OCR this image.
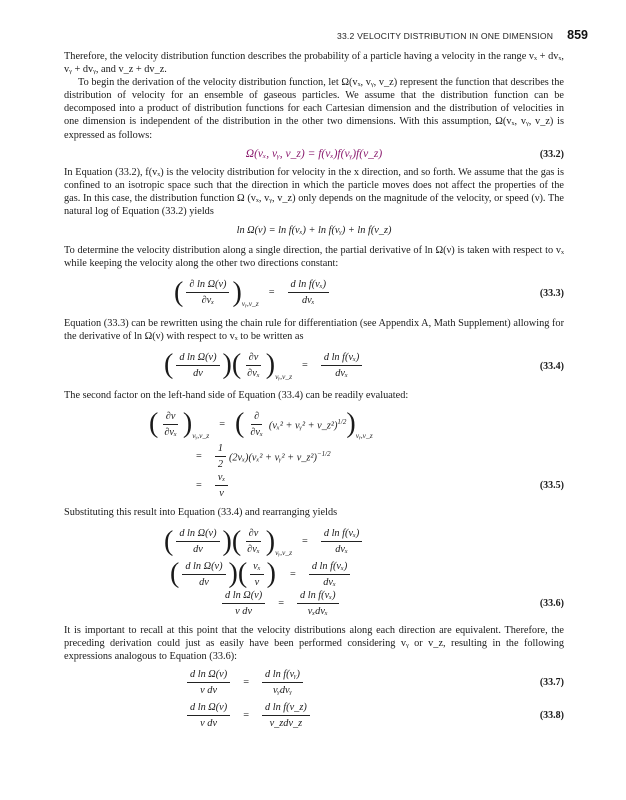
33.2 VELOCITY DISTRIBUTION IN ONE DIMENSION 859

Therefore, the velocity distribution function describes the probability of a particle having a velocity in the range vₓ + dvₓ, vᵧ + dvᵧ, and v_z + dv_z.

To begin the derivation of the velocity distribution function, let Ω(vₓ, vᵧ, v_z) represent the function that describes the distribution of velocity for an ensemble of gaseous particles. We assume that the distribution function can be decomposed into a product of distribution functions for each Cartesian dimension and the distribution of velocities in one dimension is independent of the distribution in the other two dimensions. With this assumption, Ω(vₓ, vᵧ, v_z) is expressed as follows:

Ω(vₓ, vᵧ, v_z) = f(vₓ)f(vᵧ)f(v_z)	(33.2)

In Equation (33.2), f(vₓ) is the velocity distribution for velocity in the x direction, and so forth. We assume that the gas is confined to an isotropic space such that the direction in which the particle moves does not affect the properties of the gas. In this case, the distribution function Ω (vₓ, vᵧ, v_z) only depends on the magnitude of the velocity, or speed (ν). The natural log of Equation (33.2) yields

ln Ω(ν) = ln f(vₓ) + ln f(vᵧ) + ln f(v_z)

To determine the velocity distribution along a single direction, the partial derivative of ln Ω(ν) is taken with respect to vₓ while keeping the velocity along the other two directions constant:

( $\frac{\text{∂ ln Ω(ν)}}{\text{∂vₓ}}$ ) vᵧ,v_z
= $\frac{\text{d ln f(vₓ)}}{\text{dvₓ}}$	(33.3)

Equation (33.3) can be rewritten using the chain rule for differentiation (see Appendix A, Math Supplement) allowing for the derivative of ln Ω(ν) with respect to vₓ to be written as

( $\frac{\text{d ln Ω(ν)}}{d\nu}$ )( $\frac{\partial\nu}{\text{∂vₓ}}$ ) vᵧ,v_z
= $\frac{\text{d ln f(vₓ)}}{\text{dvₓ}}$	(33.4)

The second factor on the left-hand side of Equation (33.4) can be readily evaluated:

( $\frac{\partial\nu}{\text{∂vₓ}}$ ) vᵧ,v_z
= ( $\frac{\partial}{\text{∂vₓ}} (v_x^2$ + vᵧ² + v_z²)$^{1/2}$ ) vᵧ,v_z
= $\frac{1}{2} (2v_x)(v_x^2$ + vᵧ² + v_z²)$^{-1/2}$
= $\frac{\text{vₓ}}{\nu}$	(33.5)

Substituting this result into Equation (33.4) and rearranging yields

( $\frac{\text{d ln Ω(ν)}}{d\nu}$ )( $\frac{\partial\nu}{\text{∂vₓ}}$ ) vᵧ,v_z
= $\frac{\text{d ln f(vₓ)}}{\text{dvₓ}}$
( $\frac{\text{d ln Ω(ν)}}{d\nu}$ )( $\frac{\text{vₓ}}{\nu}$ ) = $\frac{\text{d ln f(vₓ)}}{\text{dvₓ}}$
$\frac{\text{d ln Ω(ν)}}{\text{ν dν}} = \frac{\text{d ln f(vₓ)}}{\text{vₓdvₓ}}$	(33.6)

It is important to recall at this point that the velocity distributions along each direction are equivalent. Therefore, the preceding derivation could just as easily have been performed considering vᵧ or v_z, resulting in the following expressions analogous to Equation (33.6):

$\frac{\text{d ln Ω(ν)}}{\text{ν dν}} = \frac{\text{d ln f(vᵧ)}}{\text{vᵧdvᵧ}}$	(33.7)
$\frac{\text{d ln Ω(ν)}}{\text{ν dν}} = \frac{\text{d ln f(v\_z)}}{\text{v\_zdv\_z}}$	(33.8)
